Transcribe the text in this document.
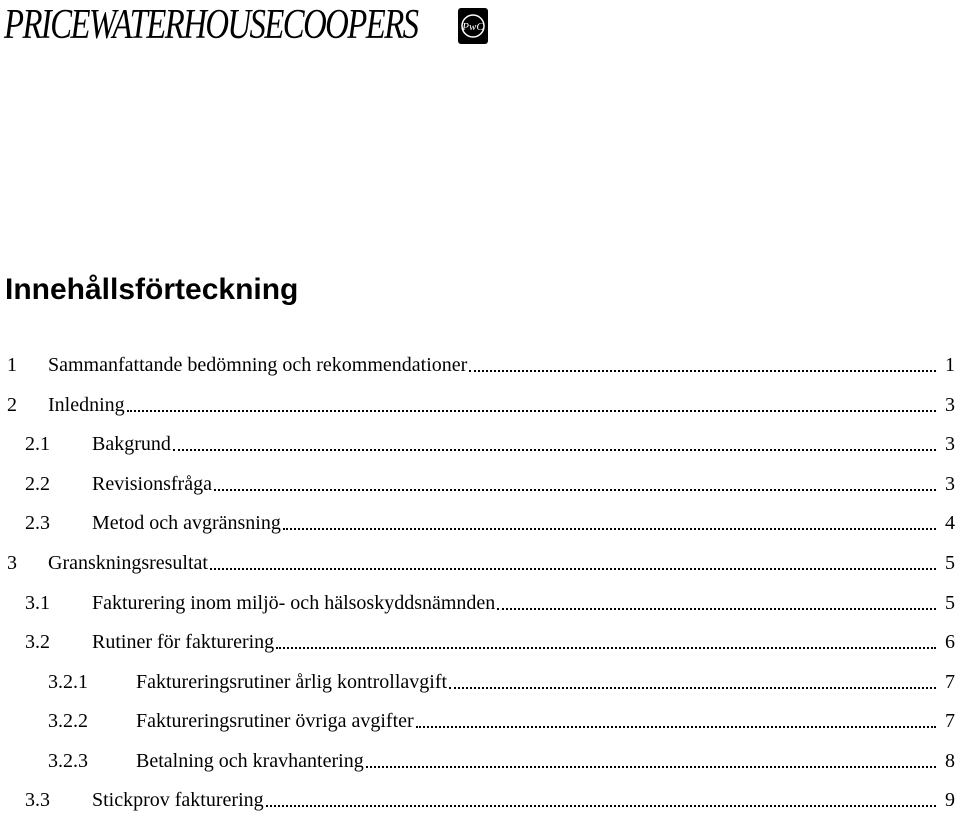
PRICEWATERHOUSECOOPERS	PwC
Innehållsförteckning
1 Sammanfattande bedömning och rekommendationer	1
2 Inledning	3
2.1 Bakgrund	3
2.2 Revisionsfråga	3
2.3 Metod och avgränsning	4
3 Granskningsresultat	5
3.1 Fakturering inom miljö- och hälsoskyddsnämnden	5
3.2 Rutiner för fakturering	6
3.2.1 Faktureringsrutiner årlig kontrollavgift	7
3.2.2 Faktureringsrutiner övriga avgifter	7
3.2.3 Betalning och kravhantering	8
3.3 Stickprov fakturering	9
